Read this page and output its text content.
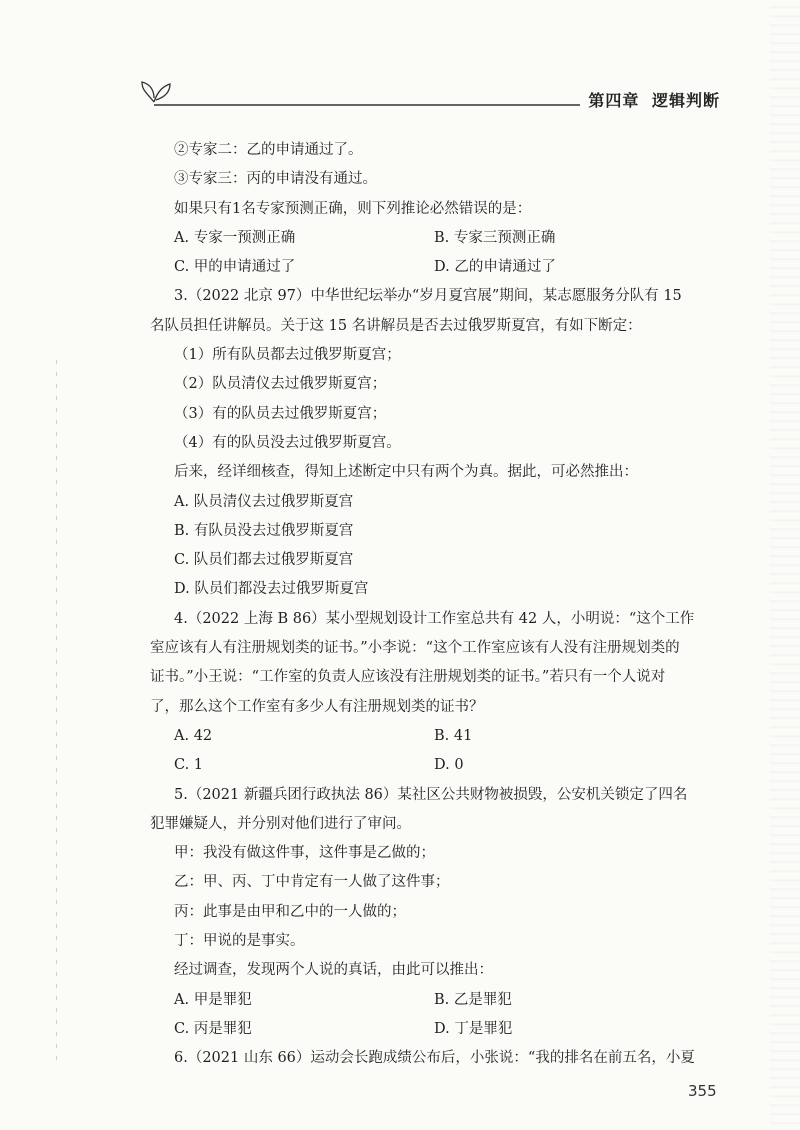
第四章 逻辑判断
②专家二：乙的申请通过了。
③专家三：丙的申请没有通过。
如果只有1名专家预测正确，则下列推论必然错误的是：
A. 专家一预测正确	B. 专家三预测正确
C. 甲的申请通过了	D. 乙的申请通过了
3.（2022 北京 97）中华世纪坛举办“岁月夏宫展”期间，某志愿服务分队有 15
名队员担任讲解员。关于这 15 名讲解员是否去过俄罗斯夏宫，有如下断定：
（1）所有队员都去过俄罗斯夏宫；
（2）队员清仪去过俄罗斯夏宫；
（3）有的队员去过俄罗斯夏宫；
（4）有的队员没去过俄罗斯夏宫。
后来，经详细核查，得知上述断定中只有两个为真。据此，可必然推出：
A. 队员清仪去过俄罗斯夏宫
B. 有队员没去过俄罗斯夏宫
C. 队员们都去过俄罗斯夏宫
D. 队员们都没去过俄罗斯夏宫
4.（2022 上海 B 86）某小型规划设计工作室总共有 42 人，小明说：“这个工作
室应该有人有注册规划类的证书。”小李说：“这个工作室应该有人没有注册规划类的
证书。”小王说：“工作室的负责人应该没有注册规划类的证书。”若只有一个人说对
了，那么这个工作室有多少人有注册规划类的证书？
A. 42	B. 41
C. 1	D. 0
5.（2021 新疆兵团行政执法 86）某社区公共财物被损毁，公安机关锁定了四名
犯罪嫌疑人，并分别对他们进行了审问。
甲：我没有做这件事，这件事是乙做的；
乙：甲、丙、丁中肯定有一人做了这件事；
丙：此事是由甲和乙中的一人做的；
丁：甲说的是事实。
经过调查，发现两个人说的真话，由此可以推出：
A. 甲是罪犯	B. 乙是罪犯
C. 丙是罪犯	D. 丁是罪犯
6.（2021 山东 66）运动会长跑成绩公布后，小张说：“我的排名在前五名，小夏
355
